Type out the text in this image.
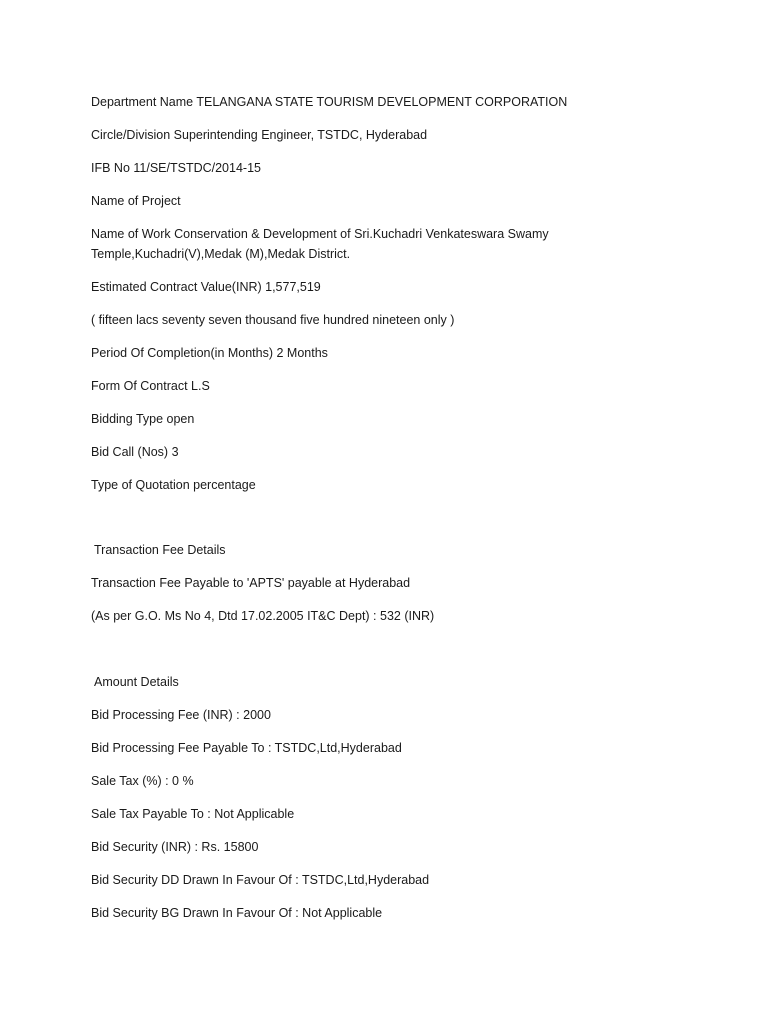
Department Name TELANGANA STATE TOURISM DEVELOPMENT CORPORATION
Circle/Division Superintending Engineer, TSTDC, Hyderabad
IFB No 11/SE/TSTDC/2014-15
Name of Project
Name of Work Conservation & Development of Sri.Kuchadri Venkateswara Swamy
Temple,Kuchadri(V),Medak (M),Medak District.
Estimated Contract Value(INR) 1,577,519
( fifteen lacs seventy seven thousand five hundred nineteen only )
Period Of Completion(in Months) 2 Months
Form Of Contract L.S
Bidding Type open
Bid Call (Nos) 3
Type of Quotation percentage
Transaction Fee Details
Transaction Fee Payable to 'APTS' payable at Hyderabad
(As per G.O. Ms No 4, Dtd 17.02.2005 IT&C Dept) : 532 (INR)
Amount Details
Bid Processing Fee (INR) : 2000
Bid Processing Fee Payable To : TSTDC,Ltd,Hyderabad
Sale Tax (%) : 0 %
Sale Tax Payable To : Not Applicable
Bid Security (INR) : Rs. 15800
Bid Security DD Drawn In Favour Of : TSTDC,Ltd,Hyderabad
Bid Security BG Drawn In Favour Of : Not Applicable
